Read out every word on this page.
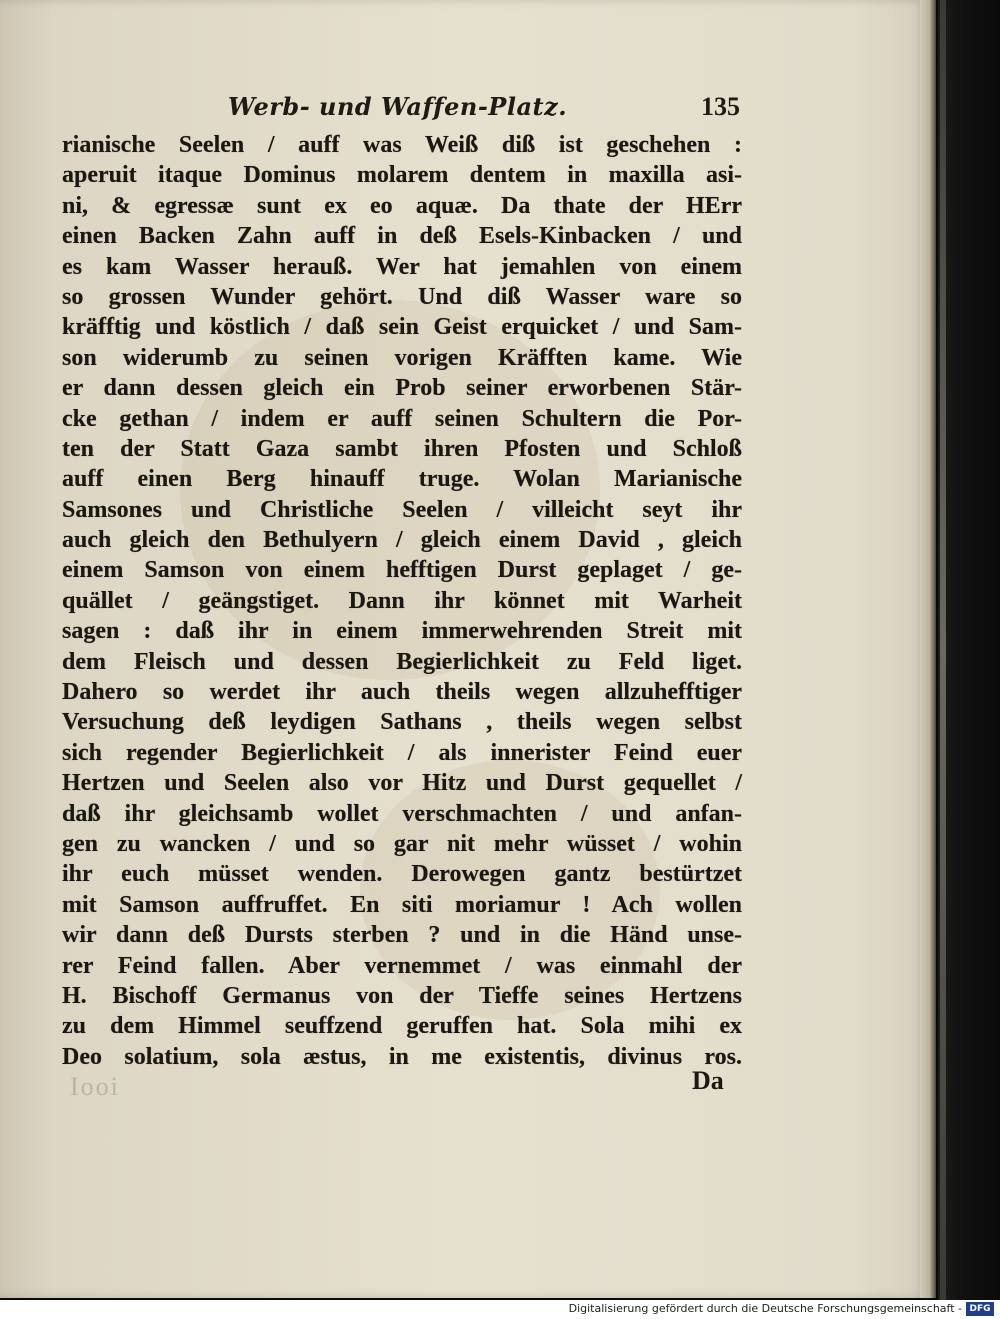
Werb- und Waffen-Platz.	135
rianische Seelen / auff was Weiß diß ist geschehen :
aperuit itaque Dominus molarem dentem in maxilla asi-
ni, & egressæ sunt ex eo aquæ. Da thate der HErr
einen Backen Zahn auff in deß Esels-Kinbacken / und
es kam Wasser herauß. Wer hat jemahlen von einem
so grossen Wunder gehört. Und diß Wasser ware so
kräfftig und köstlich / daß sein Geist erquicket / und Sam-
son widerumb zu seinen vorigen Kräfften kame. Wie
er dann dessen gleich ein Prob seiner erworbenen Stär-
cke gethan / indem er auff seinen Schultern die Por-
ten der Statt Gaza sambt ihren Pfosten und Schloß
auff einen Berg hinauff truge. Wolan Marianische
Samsones und Christliche Seelen / villeicht seyt ihr
auch gleich den Bethulyern / gleich einem David , gleich
einem Samson von einem hefftigen Durst geplaget / ge-
quället / geängstiget. Dann ihr könnet mit Warheit
sagen : daß ihr in einem immerwehrenden Streit mit
dem Fleisch und dessen Begierlichkeit zu Feld liget.
Dahero so werdet ihr auch theils wegen allzuhefftiger
Versuchung deß leydigen Sathans , theils wegen selbst
sich regender Begierlichkeit / als innerister Feind euer
Hertzen und Seelen also vor Hitz und Durst gequellet /
daß ihr gleichsamb wollet verschmachten / und anfan-
gen zu wancken / und so gar nit mehr wüsset / wohin
ihr euch müsset wenden. Derowegen gantz bestürtzet
mit Samson auffruffet. En siti moriamur ! Ach wollen
wir dann deß Dursts sterben ? und in die Händ unse-
rer Feind fallen. Aber vernemmet / was einmahl der
H. Bischoff Germanus von der Tieffe seines Hertzens
zu dem Himmel seuffzend geruffen hat. Sola mihi ex
Deo solatium, sola æstus, in me existentis, divinus ros.
Iooi	Da
Digitalisierung gefördert durch die Deutsche Forschungsgemeinschaft - DFG
